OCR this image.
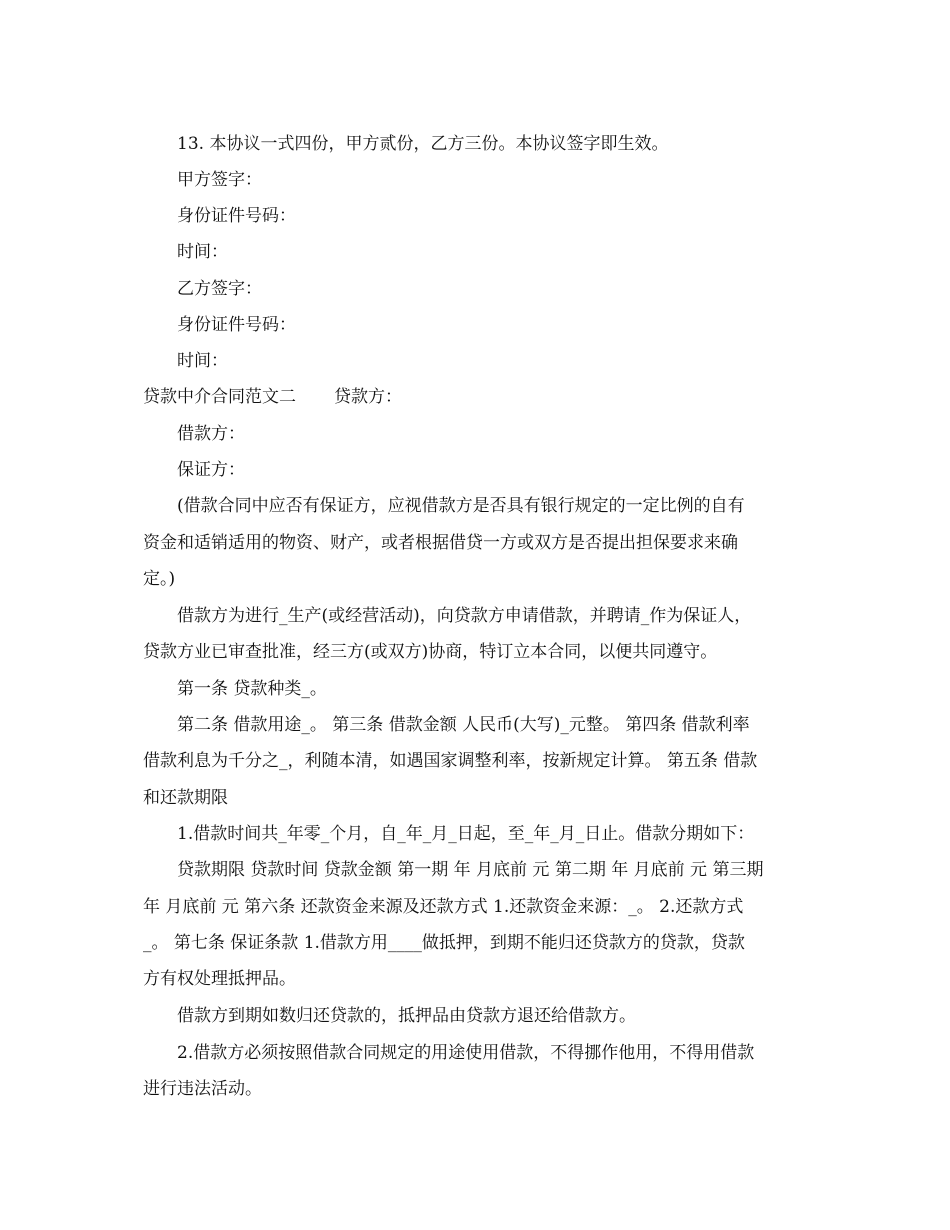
13. 本协议一式四份，甲方贰份，乙方三份。本协议签字即生效。
甲方签字：
身份证件号码：
时间：
乙方签字：
身份证件号码：
时间：
贷款中介合同范文二 贷款方：
借款方：
保证方：
(借款合同中应否有保证方，应视借款方是否具有银行规定的一定比例的自有
资金和适销适用的物资、财产，或者根据借贷一方或双方是否提出担保要求来确
定。)
借款方为进行_生产(或经营活动)，向贷款方申请借款，并聘请_作为保证人，
贷款方业已审查批准，经三方(或双方)协商，特订立本合同，以便共同遵守。
第一条 贷款种类_。
第二条 借款用途_。 第三条 借款金额 人民币(大写)_元整。 第四条 借款利率
借款利息为千分之_，利随本清，如遇国家调整利率，按新规定计算。 第五条 借款
和还款期限
1.借款时间共_年零_个月，自_年_月_日起，至_年_月_日止。借款分期如下：
贷款期限 贷款时间 贷款金额 第一期 年 月底前 元 第二期 年 月底前 元 第三期
年 月底前 元 第六条 还款资金来源及还款方式 1.还款资金来源：_。 2.还款方式
_。 第七条 保证条款 1.借款方用____做抵押，到期不能归还贷款方的贷款，贷款
方有权处理抵押品。
借款方到期如数归还贷款的，抵押品由贷款方退还给借款方。
2.借款方必须按照借款合同规定的用途使用借款，不得挪作他用，不得用借款
进行违法活动。
